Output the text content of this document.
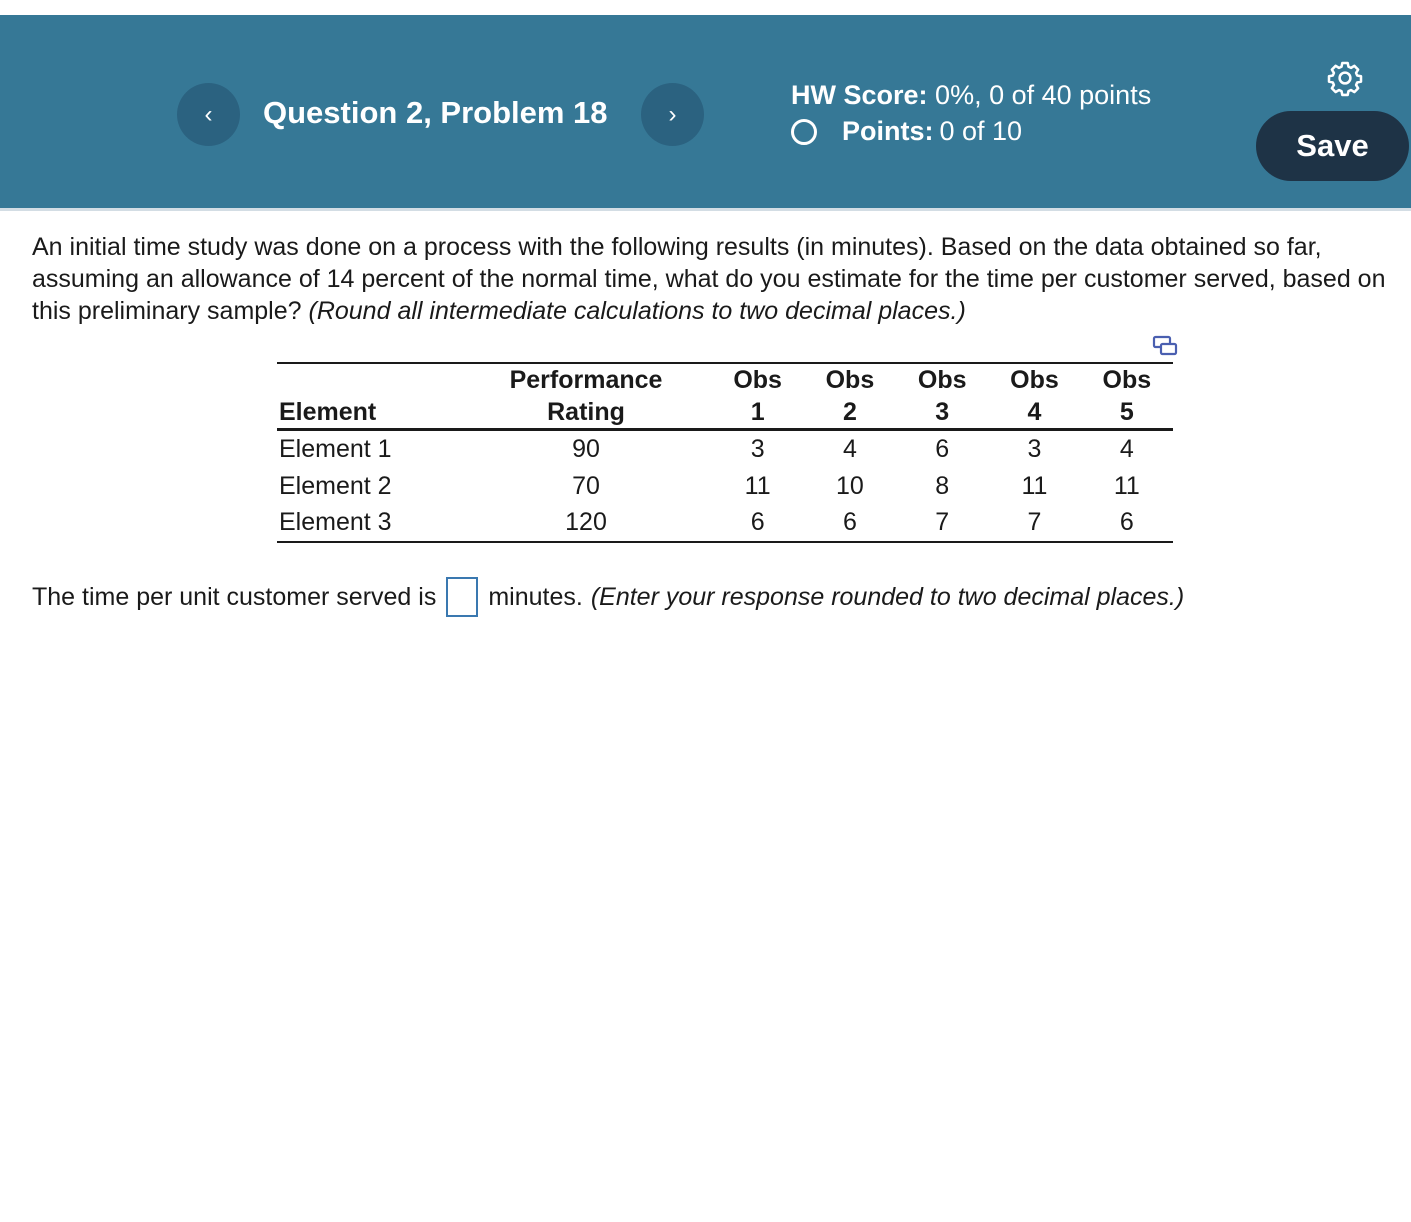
‹ Question 2, Problem 18	›
HW Score: 0%, 0 of 40 points
Points: 0 of 10	Save
An initial time study was done on a process with the following results (in minutes). Based on the data obtained so far, assuming an allowance of 14 percent of the normal time, what do you estimate for the time per customer served, based on this preliminary sample? (Round all intermediate calculations to two decimal places.)
	Performance	Obs	Obs	Obs	Obs	Obs
Element	Rating	1	2	3	4	5
Element 1	90	3	4	6	3	4
Element 2	70	11	10	8	11	11
Element 3	120	6	6	7	7	6
The time per unit customer served is minutes. (Enter your response rounded to two decimal places.)
